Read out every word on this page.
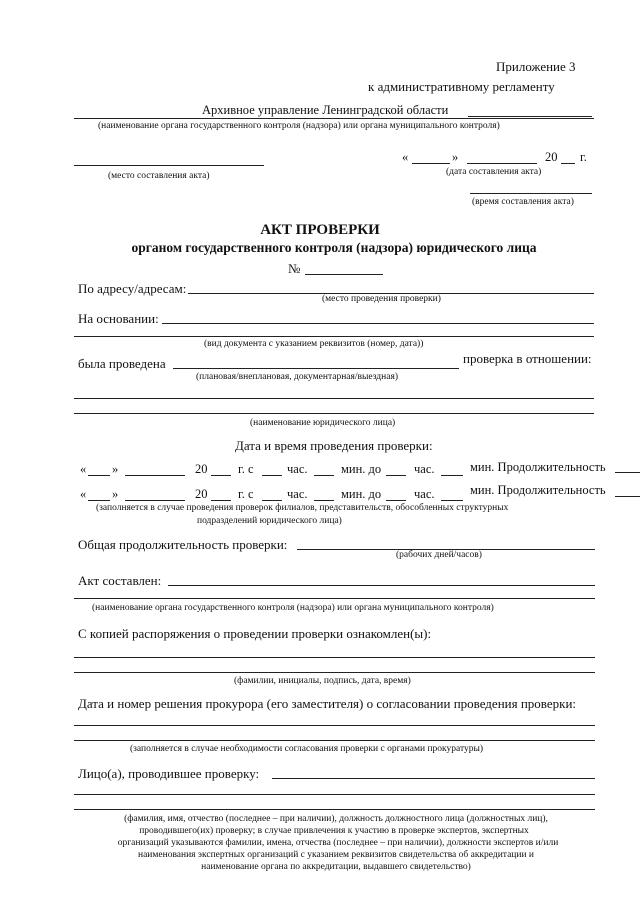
Приложение 3
к административному регламенту
Архивное управление Ленинградской области
(наименование органа государственного контроля (надзора) или органа муниципального контроля)
(место составления акта)
«	»	20 г.
(дата составления акта)
(время составления акта)
АКТ ПРОВЕРКИ
органом государственного контроля (надзора) юридического лица
№
По адресу/адресам:
(место проведения проверки)
На основании:
(вид документа с указанием реквизитов (номер, дата))
была проведена	проверка в отношении:
(плановая/внеплановая, документарная/выездная)
(наименование юридического лица)
Дата и время проведения проверки:
« »	20 г. с	час.	мин. до	час.	мин. Продолжительность
« »	20 г. с	час.	мин. до	час.	мин. Продолжительность
(заполняется в случае проведения проверок филиалов, представительств, обособленных структурных
подразделений юридического лица)
Общая продолжительность проверки:
(рабочих дней/часов)
Акт составлен:
(наименование органа государственного контроля (надзора) или органа муниципального контроля)
С копией распоряжения о проведении проверки ознакомлен(ы):
(фамилии, инициалы, подпись, дата, время)
Дата и номер решения прокурора (его заместителя) о согласовании проведения проверки:
(заполняется в случае необходимости согласования проверки с органами прокуратуры)
Лицо(а), проводившее проверку:
(фамилия, имя, отчество (последнее – при наличии), должность должностного лица (должностных лиц),
проводившего(их) проверку; в случае привлечения к участию в проверке экспертов, экспертных
организаций указываются фамилии, имена, отчества (последнее – при наличии), должности экспертов и/или
наименования экспертных организаций с указанием реквизитов свидетельства об аккредитации и
наименование органа по аккредитации, выдавшего свидетельство)
